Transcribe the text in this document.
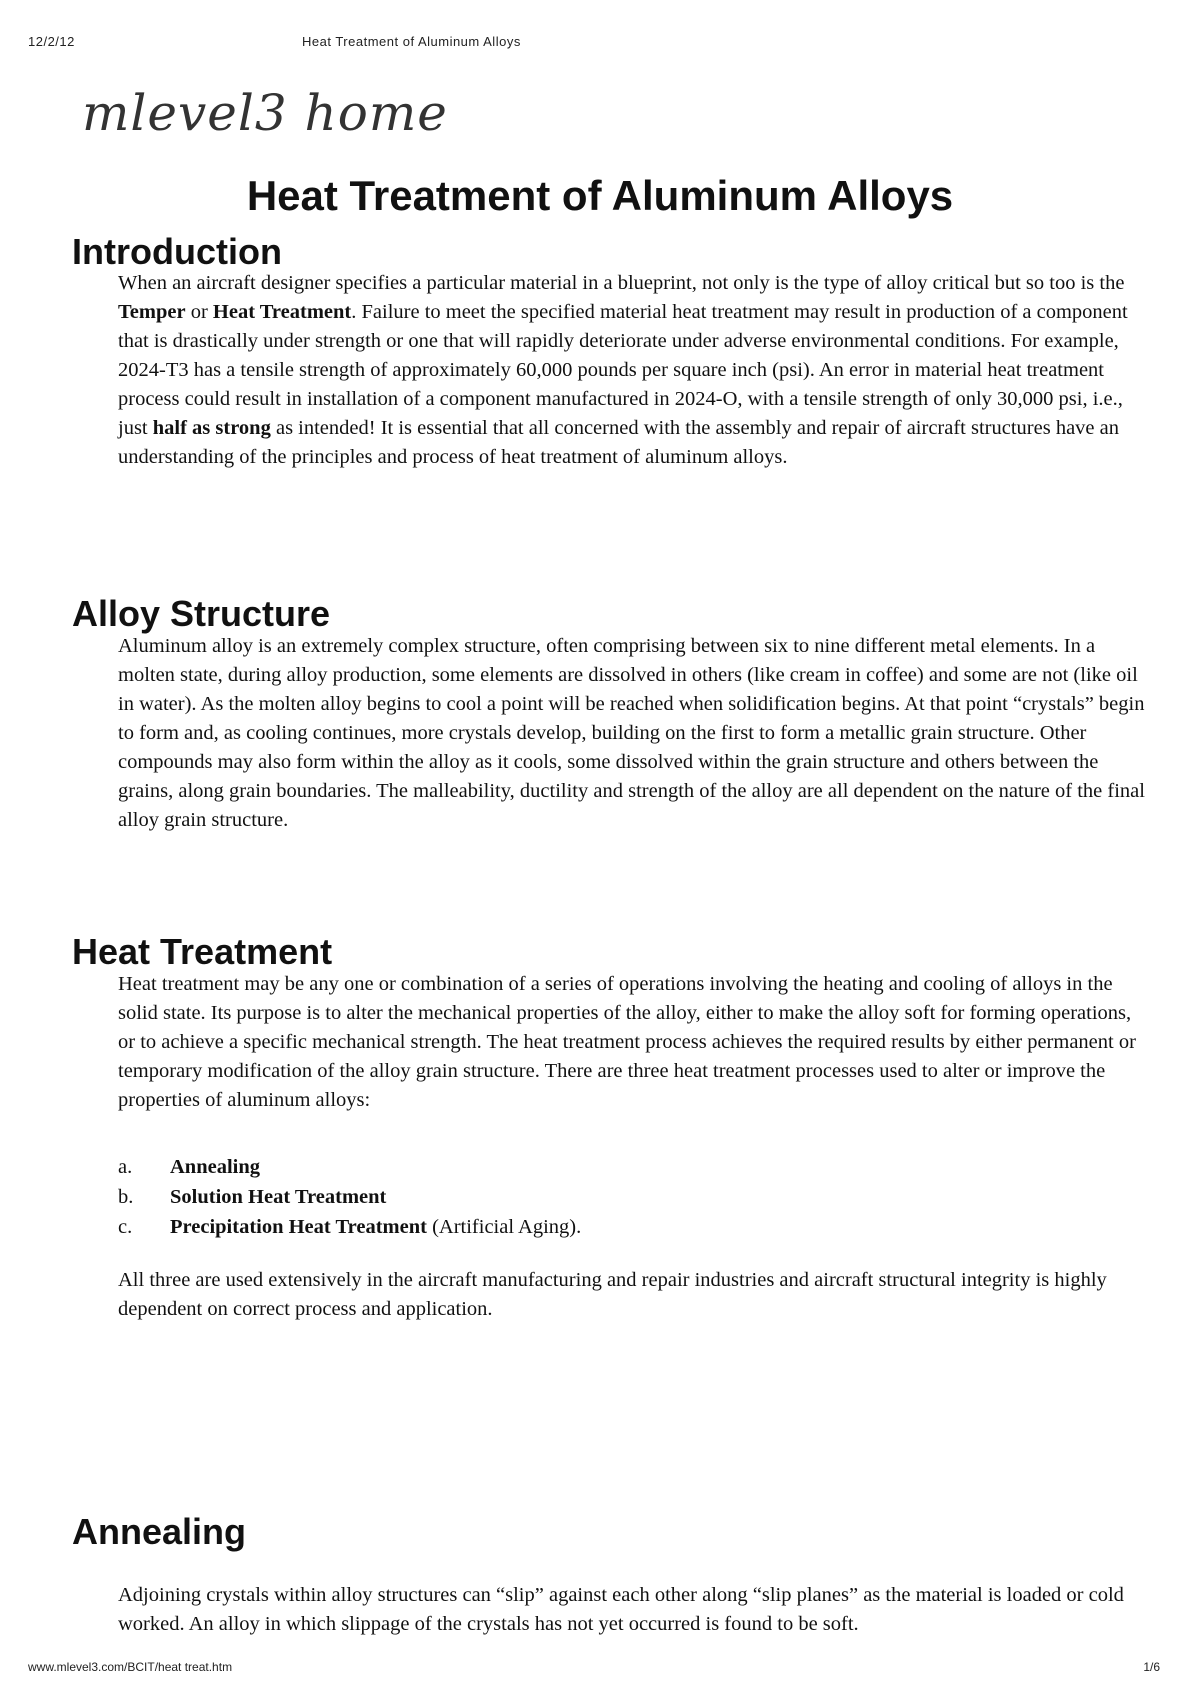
12/2/12	Heat Treatment of Aluminum Alloys
mlevel3 home
Heat Treatment of Aluminum Alloys
Introduction

When an aircraft designer specifies a particular material in a blueprint, not only is the type of alloy critical but so too is the Temper or Heat Treatment. Failure to meet the specified material heat treatment may result in production of a component that is drastically under strength or one that will rapidly deteriorate under adverse environmental conditions. For example, 2024-T3 has a tensile strength of approximately 60,000 pounds per square inch (psi). An error in material heat treatment process could result in installation of a component manufactured in 2024-O, with a tensile strength of only 30,000 psi, i.e., just half as strong as intended! It is essential that all concerned with the assembly and repair of aircraft structures have an understanding of the principles and process of heat treatment of aluminum alloys.

Alloy Structure

Aluminum alloy is an extremely complex structure, often comprising between six to nine different metal elements. In a molten state, during alloy production, some elements are dissolved in others (like cream in coffee) and some are not (like oil in water). As the molten alloy begins to cool a point will be reached when solidification begins. At that point “crystals” begin to form and, as cooling continues, more crystals develop, building on the first to form a metallic grain structure. Other compounds may also form within the alloy as it cools, some dissolved within the grain structure and others between the grains, along grain boundaries. The malleability, ductility and strength of the alloy are all dependent on the nature of the final alloy grain structure.

Heat Treatment

Heat treatment may be any one or combination of a series of operations involving the heating and cooling of alloys in the solid state. Its purpose is to alter the mechanical properties of the alloy, either to make the alloy soft for forming operations, or to achieve a specific mechanical strength. The heat treatment process achieves the required results by either permanent or temporary modification of the alloy grain structure. There are three heat treatment processes used to alter or improve the properties of aluminum alloys:

a. Annealing
b. Solution Heat Treatment
c. Precipitation Heat Treatment (Artificial Aging).

All three are used extensively in the aircraft manufacturing and repair industries and aircraft structural integrity is highly dependent on correct process and application.

Annealing

Adjoining crystals within alloy structures can “slip” against each other along “slip planes” as the material is loaded or cold worked. An alloy in which slippage of the crystals has not yet occurred is found to be soft.

www.mlevel3.com/BCIT/heat treat.htm	1/6
